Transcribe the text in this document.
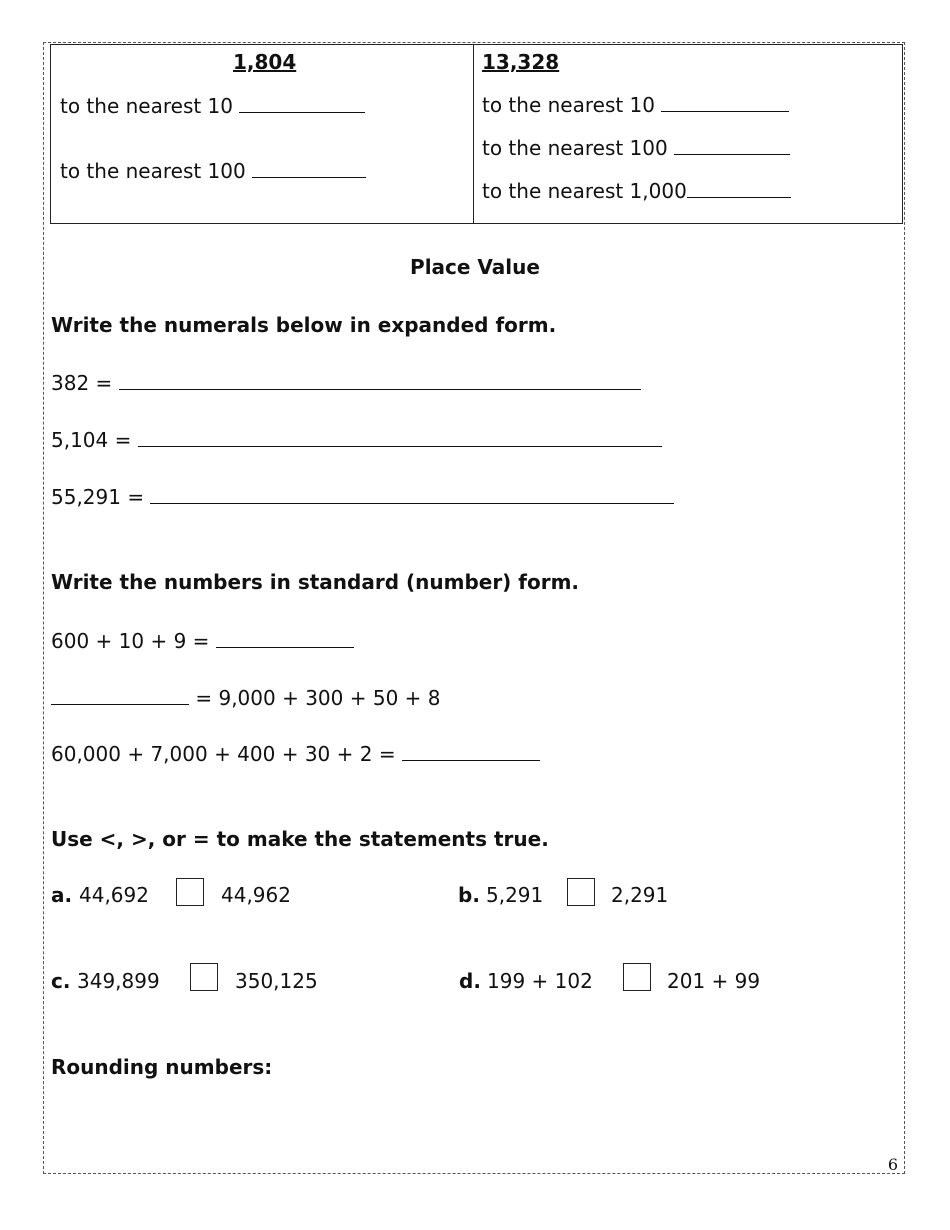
1,804
to the nearest 10
to the nearest 100
13,328
to the nearest 10
to the nearest 100
to the nearest 1,000
Place Value
Write the numerals below in expanded form.
382 =
5,104 =
55,291 =
Write the numbers in standard (number) form.
600 + 10 + 9 =
= 9,000 + 300 + 50 + 8
60,000 + 7,000 + 400 + 30 + 2 =
Use <, >, or = to make the statements true.
a. 44,692	44,962	b. 5,291	2,291
c. 349,899	350,125	d. 199 + 102	201 + 99
Rounding numbers:
6
